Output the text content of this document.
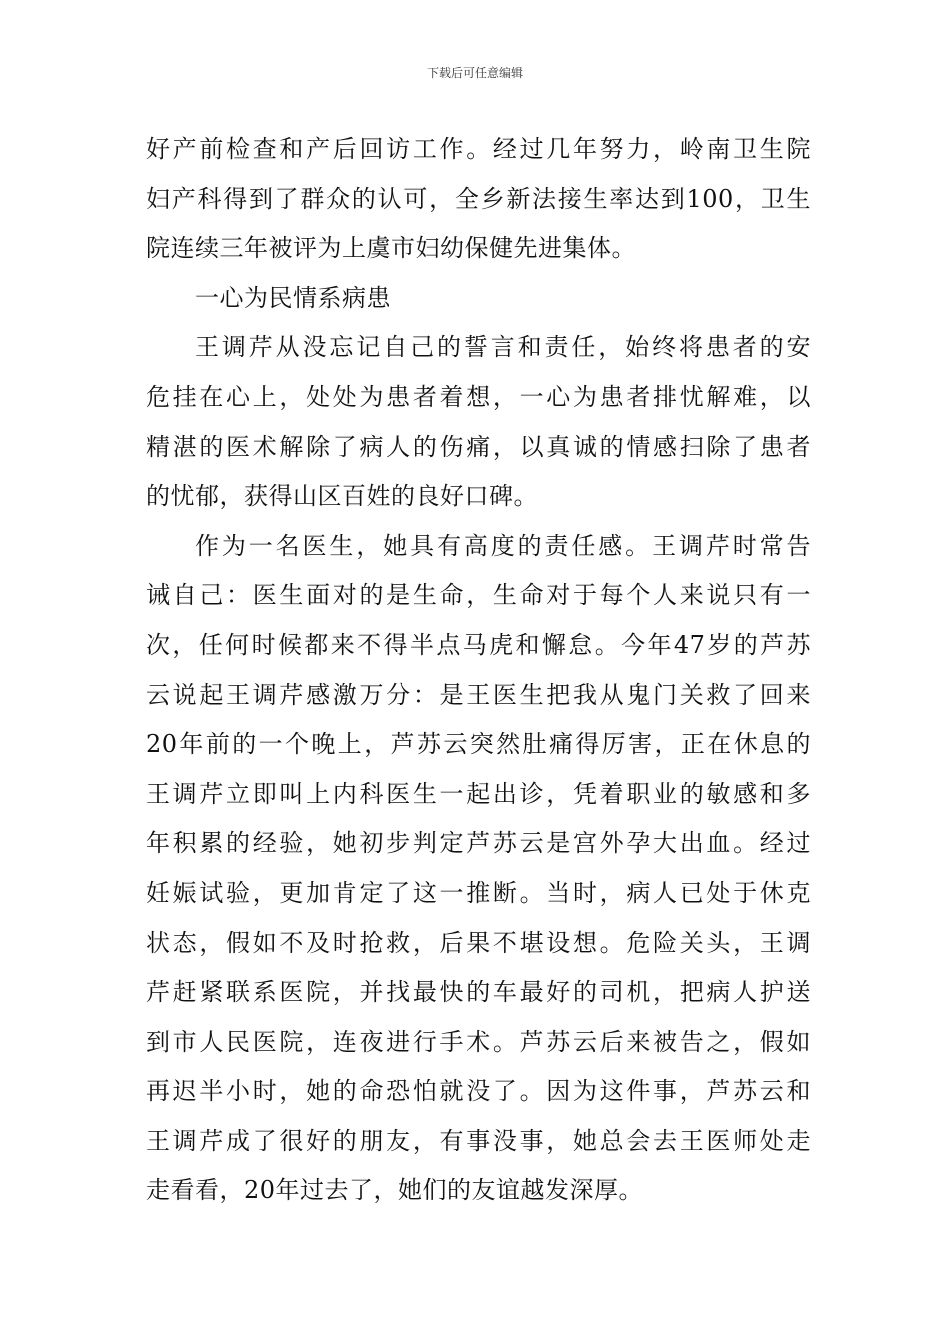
下载后可任意编辑
好产前检查和产后回访工作。经过几年努力，岭南卫生院
妇产科得到了群众的认可，全乡新法接生率达到100，卫生
院连续三年被评为上虞市妇幼保健先进集体。
一心为民情系病患
王调芹从没忘记自己的誓言和责任，始终将患者的安
危挂在心上，处处为患者着想，一心为患者排忧解难，以
精湛的医术解除了病人的伤痛，以真诚的情感扫除了患者
的忧郁，获得山区百姓的良好口碑。
作为一名医生，她具有高度的责任感。王调芹时常告
诫自己：医生面对的是生命，生命对于每个人来说只有一
次，任何时候都来不得半点马虎和懈怠。今年47岁的芦苏
云说起王调芹感激万分：是王医生把我从鬼门关救了回来
20年前的一个晚上，芦苏云突然肚痛得厉害，正在休息的
王调芹立即叫上内科医生一起出诊，凭着职业的敏感和多
年积累的经验，她初步判定芦苏云是宫外孕大出血。经过
妊娠试验，更加肯定了这一推断。当时，病人已处于休克
状态，假如不及时抢救，后果不堪设想。危险关头，王调
芹赶紧联系医院，并找最快的车最好的司机，把病人护送
到市人民医院，连夜进行手术。芦苏云后来被告之，假如
再迟半小时，她的命恐怕就没了。因为这件事，芦苏云和
王调芹成了很好的朋友，有事没事，她总会去王医师处走
走看看，20年过去了，她们的友谊越发深厚。
